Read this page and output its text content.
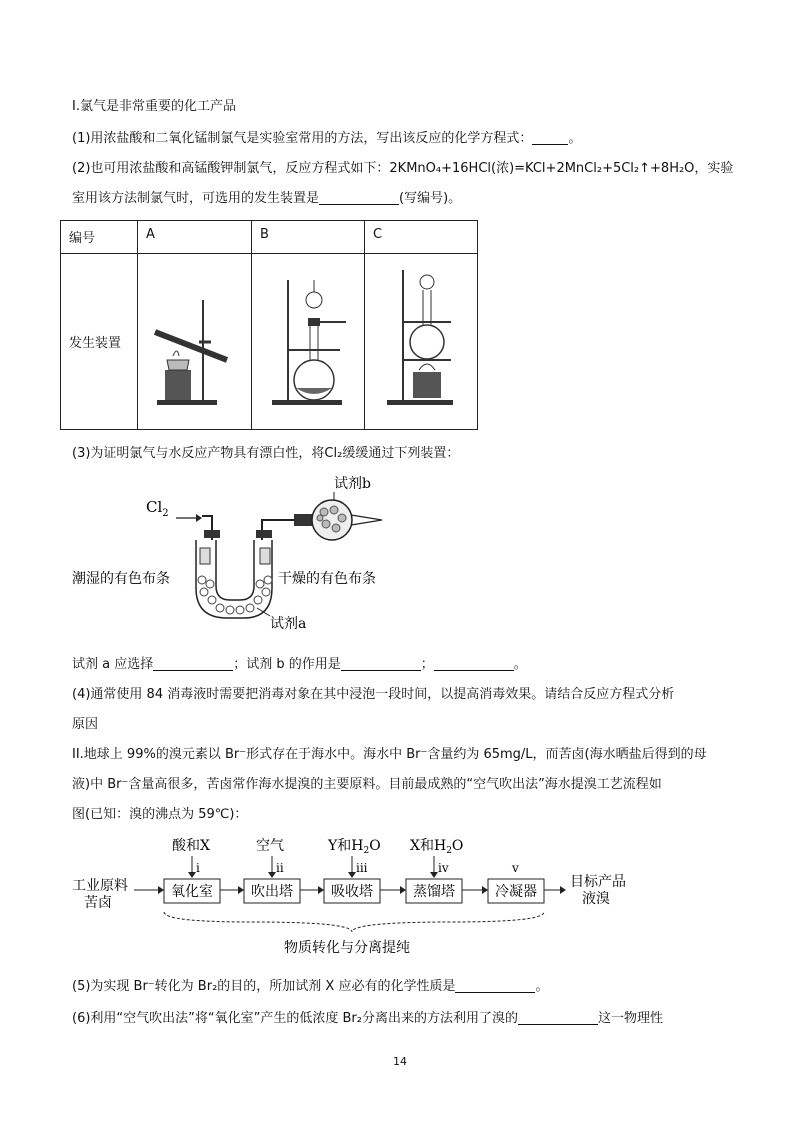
I.氯气是非常重要的化工产品
(1)用浓盐酸和二氧化锰制氯气是实验室常用的方法，写出该反应的化学方程式：	。
(2)也可用浓盐酸和高锰酸钾制氯气，反应方程式如下：2KMnO₄+16HCl(浓)=KCl+2MnCl₂+5Cl₂↑+8H₂O，实验
室用该方法制氯气时，可选用的发生装置是	(写编号)。
编号	A	B	C
发生装置	

(3)为证明氯气与水反应产物具有漂白性，将Cl₂缓缓通过下列装置：
$Cl_2$
试剂b
潮湿的有色布条	干燥的有色布条
试剂a
试剂 a 应选择	；试剂 b 的作用是	；	。
(4)通常使用 84 消毒液时需要把消毒对象在其中浸泡一段时间，以提高消毒效果。请结合反应方程式分析
原因
II.地球上 99%的溴元素以 Br⁻形式存在于海水中。海水中 Br⁻含量约为 65mg/L，而苦卤(海水晒盐后得到的母
液)中 Br⁻含量高很多，苦卤常作海水提溴的主要原料。目前最成熟的“空气吹出法”海水提溴工艺流程如
图(已知：溴的沸点为 59℃)：
工业原料
苦卤
氧化室	吹出塔	吸收塔	蒸馏塔	冷凝器
目标产品
液溴
酸和X
i
空气
ii
Y和$H_2O$
iii
X和$H_2O$
iv	v
物质转化与分离提纯
(5)为实现 Br⁻转化为 Br₂的目的，所加试剂 X 应必有的化学性质是	。
(6)利用“空气吹出法”将“氧化室”产生的低浓度 Br₂分离出来的方法利用了溴的	这一物理性
14
